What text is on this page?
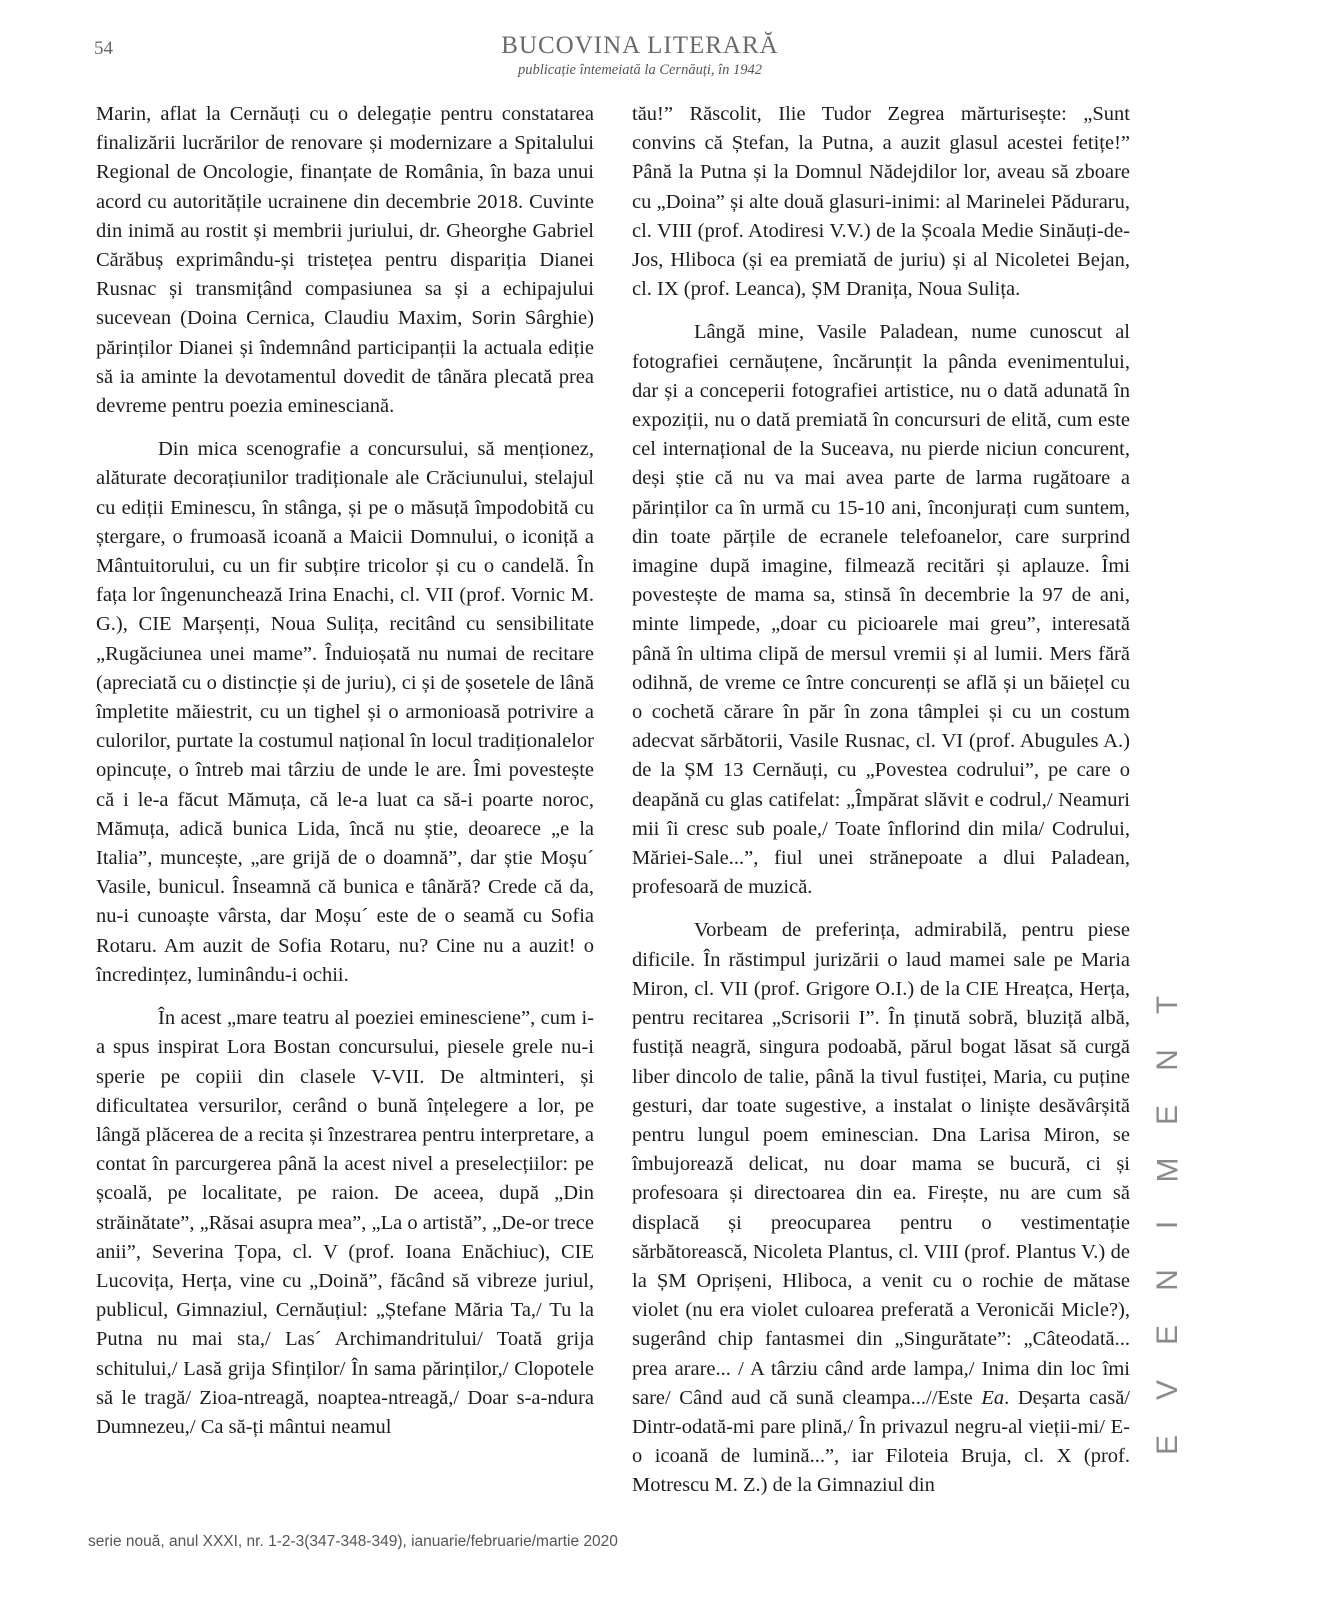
54	BUCOVINA LITERARĂ
publicație întemeiată la Cernăuți, în 1942

Marin, aflat la Cernăuți cu o delegație pentru constatarea finalizării lucrărilor de renovare și modernizare a Spitalului Regional de Oncologie, finanțate de România, în baza unui acord cu autoritățile ucrainene din decembrie 2018. Cuvinte din inimă au rostit și membrii juriului, dr. Gheorghe Gabriel Cărăbuș exprimându-și tristețea pentru dispariția Dianei Rusnac și transmițând compasiunea sa și a echipajului sucevean (Doina Cernica, Claudiu Maxim, Sorin Sârghie) părinților Dianei și îndemnând participanții la actuala ediție să ia aminte la devotamentul dovedit de tânăra plecată prea devreme pentru poezia eminesciană.

Din mica scenografie a concursului, să menționez, alăturate decorațiunilor tradiționale ale Crăciunului, stelajul cu ediții Eminescu, în stânga, și pe o măsuță împodobită cu ștergare, o frumoasă icoană a Maicii Domnului, o iconiță a Mântuitorului, cu un fir subțire tricolor și cu o candelă. În fața lor îngenunchează Irina Enachi, cl. VII (prof. Vornic M. G.), CIE Marșenți, Noua Sulița, recitând cu sensibilitate „Rugăciunea unei mame”. Înduioșată nu numai de recitare (apreciată cu o distincție și de juriu), ci și de șosetele de lână împletite măiestrit, cu un tighel și o armonioasă potrivire a culorilor, purtate la costumul național în locul tradiționalelor opincuțe, o întreb mai târziu de unde le are. Îmi povestește că i le-a făcut Mămuța, că le-a luat ca să-i poarte noroc, Mămuța, adică bunica Lida, încă nu știe, deoarece „e la Italia”, muncește, „are grijă de o doamnă”, dar știe Moșu´ Vasile, bunicul. Înseamnă că bunica e tânără? Crede că da, nu-i cunoaște vârsta, dar Moșu´ este de o seamă cu Sofia Rotaru. Am auzit de Sofia Rotaru, nu? Cine nu a auzit! o încredințez, luminându-i ochii.

În acest „mare teatru al poeziei eminesciene”, cum i-a spus inspirat Lora Bostan concursului, piesele grele nu-i sperie pe copiii din clasele V-VII. De altminteri, și dificultatea versurilor, cerând o bună înțelegere a lor, pe lângă plăcerea de a recita și înzestrarea pentru interpretare, a contat în parcurgerea până la acest nivel a preselecțiilor: pe școală, pe localitate, pe raion. De aceea, după „Din străinătate”, „Răsai asupra mea”, „La o artistă”, „De-or trece anii”, Severina Țopa, cl. V (prof. Ioana Enăchiuc), CIE Lucovița, Herța, vine cu „Doină”, făcând să vibreze juriul, publicul, Gimnaziul, Cernăuțiul: „Ștefane Măria Ta,/ Tu la Putna nu mai sta,/ Las´ Archimandritului/ Toată grija schitului,/ Lasă grija Sfinților/ În sama părinților,/ Clopotele să le tragă/ Zioa-ntreagă, noaptea-ntreagă,/ Doar s-a-ndura Dumnezeu,/ Ca să-ți mântui neamul

tău!” Răscolit, Ilie Tudor Zegrea mărturisește: „Sunt convins că Ștefan, la Putna, a auzit glasul acestei fetițe!” Până la Putna și la Domnul Nădejdilor lor, aveau să zboare cu „Doina” și alte două glasuri-inimi: al Marinelei Păduraru, cl. VIII (prof. Atodiresi V.V.) de la Școala Medie Sinăuți-de-Jos, Hliboca (și ea premiată de juriu) și al Nicoletei Bejan, cl. IX (prof. Leanca), ȘM Dranița, Noua Sulița.

Lângă mine, Vasile Paladean, nume cunoscut al fotografiei cernăuțene, încărunțit la pânda evenimentului, dar și a conceperii fotografiei artistice, nu o dată adunată în expoziții, nu o dată premiată în concursuri de elită, cum este cel internațional de la Suceava, nu pierde niciun concurent, deși știe că nu va mai avea parte de larma rugătoare a părinților ca în urmă cu 15-10 ani, înconjurați cum suntem, din toate părțile de ecranele telefoanelor, care surprind imagine după imagine, filmează recitări și aplauze. Îmi povestește de mama sa, stinsă în decembrie la 97 de ani, minte limpede, „doar cu picioarele mai greu”, interesată până în ultima clipă de mersul vremii și al lumii. Mers fără odihnă, de vreme ce între concurenți se află și un băiețel cu o cochetă cărare în păr în zona tâmplei și cu un costum adecvat sărbătorii, Vasile Rusnac, cl. VI (prof. Abugules A.) de la ȘM 13 Cernăuți, cu „Povestea codrului”, pe care o deapănă cu glas catifelat: „Împărat slăvit e codrul,/ Neamuri mii îi cresc sub poale,/ Toate înflorind din mila/ Codrului, Măriei-Sale...”, fiul unei strănepoate a dlui Paladean, profesoară de muzică.

Vorbeam de preferința, admirabilă, pentru piese dificile. În răstimpul jurizării o laud mamei sale pe Maria Miron, cl. VII (prof. Grigore O.I.) de la CIE Hreațca, Herța, pentru recitarea „Scrisorii I”. În ținută sobră, bluziță albă, fustiță neagră, singura podoabă, părul bogat lăsat să curgă liber dincolo de talie, până la tivul fustiței, Maria, cu puține gesturi, dar toate sugestive, a instalat o liniște desăvârșită pentru lungul poem eminescian. Dna Larisa Miron, se îmbujorează delicat, nu doar mama se bucură, ci și profesoara și directoarea din ea. Firește, nu are cum să displacă și preocuparea pentru o vestimentație sărbătorească, Nicoleta Plantus, cl. VIII (prof. Plantus V.) de la ȘM Oprișeni, Hliboca, a venit cu o rochie de mătase violet (nu era violet culoarea preferată a Veronicăi Micle?), sugerând chip fantasmei din „Singurătate”: „Câteodată... prea arare... / A târziu când arde lampa,/ Inima din loc îmi sare/ Când aud că sună cleampa...//Este Ea. Deșarta casă/ Dintr-odată-mi pare plină,/ În privazul negru-al vieții-mi/ E-o icoană de lumină...”, iar Filoteia Bruja, cl. X (prof. Motrescu M. Z.) de la Gimnaziul din

T
N
E
M
I
N
E
V
E
serie nouă, anul XXXI, nr. 1-2-3(347-348-349), ianuarie/februarie/martie 2020
